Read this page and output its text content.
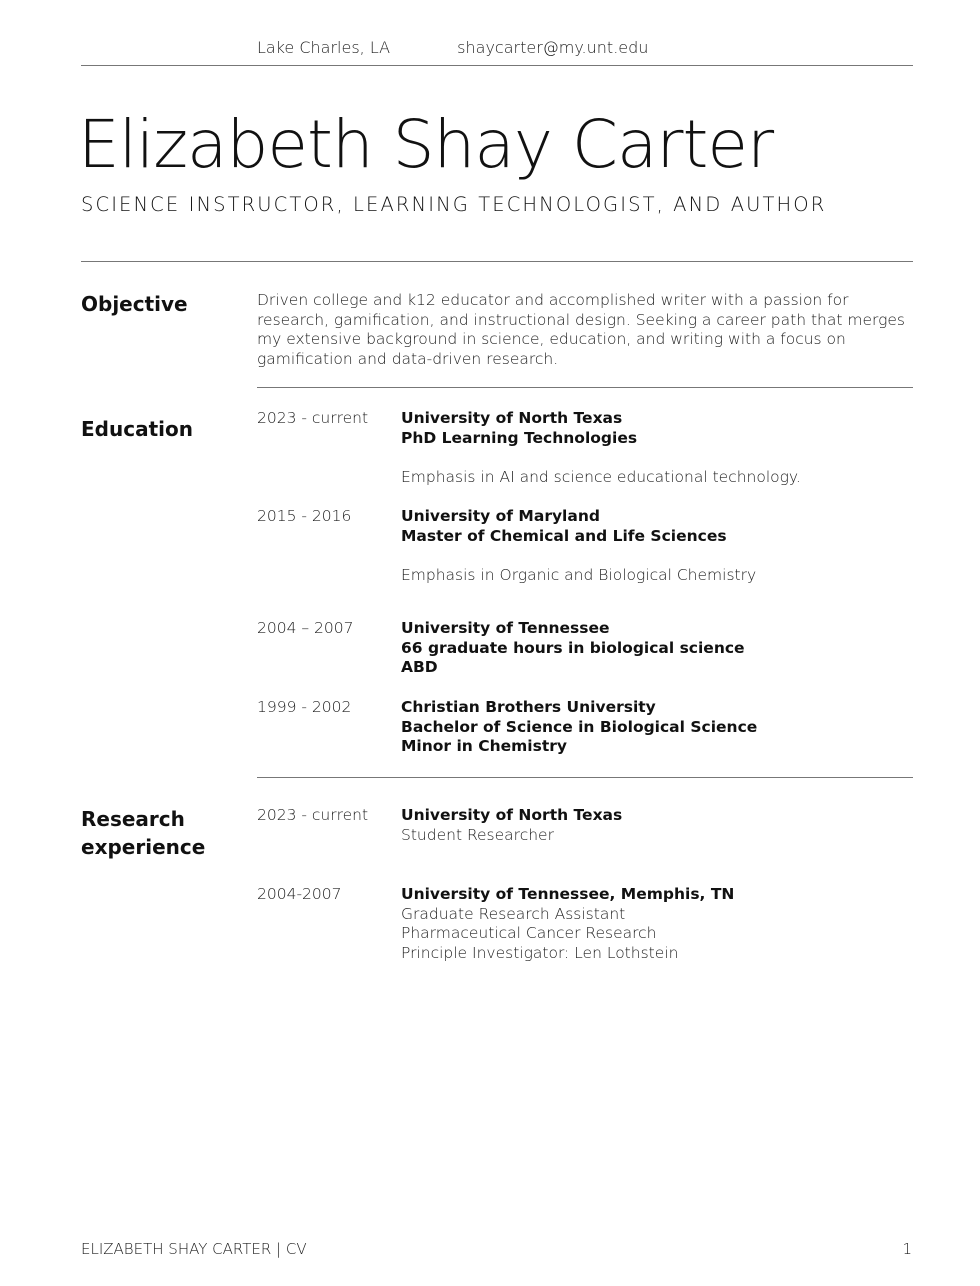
Lake Charles, LA	shaycarter@my.unt.edu
Elizabeth Shay Carter
SCIENCE INSTRUCTOR, LEARNING TECHNOLOGIST, AND AUTHOR
Objective	Driven college and k12 educator and accomplished writer with a passion for research, gamification, and instructional design. Seeking a career path that merges my extensive background in science, education, and writing with a focus on gamification and data-driven research.
Education	2023 - current University of North Texas
PhD Learning Technologies
Emphasis in AI and science educational technology.
2015 - 2016	University of Maryland
Master of Chemical and Life Sciences
Emphasis in Organic and Biological Chemistry
2004 – 2007	University of Tennessee
66 graduate hours in biological science
ABD
1999 - 2002	Christian Brothers University
Bachelor of Science in Biological Science
Minor in Chemistry
Research
experience
2023 - current University of North Texas
Student Researcher
2004-2007	University of Tennessee, Memphis, TN
Graduate Research Assistant
Pharmaceutical Cancer Research
Principle Investigator: Len Lothstein
ELIZABETH SHAY CARTER | CV	1
